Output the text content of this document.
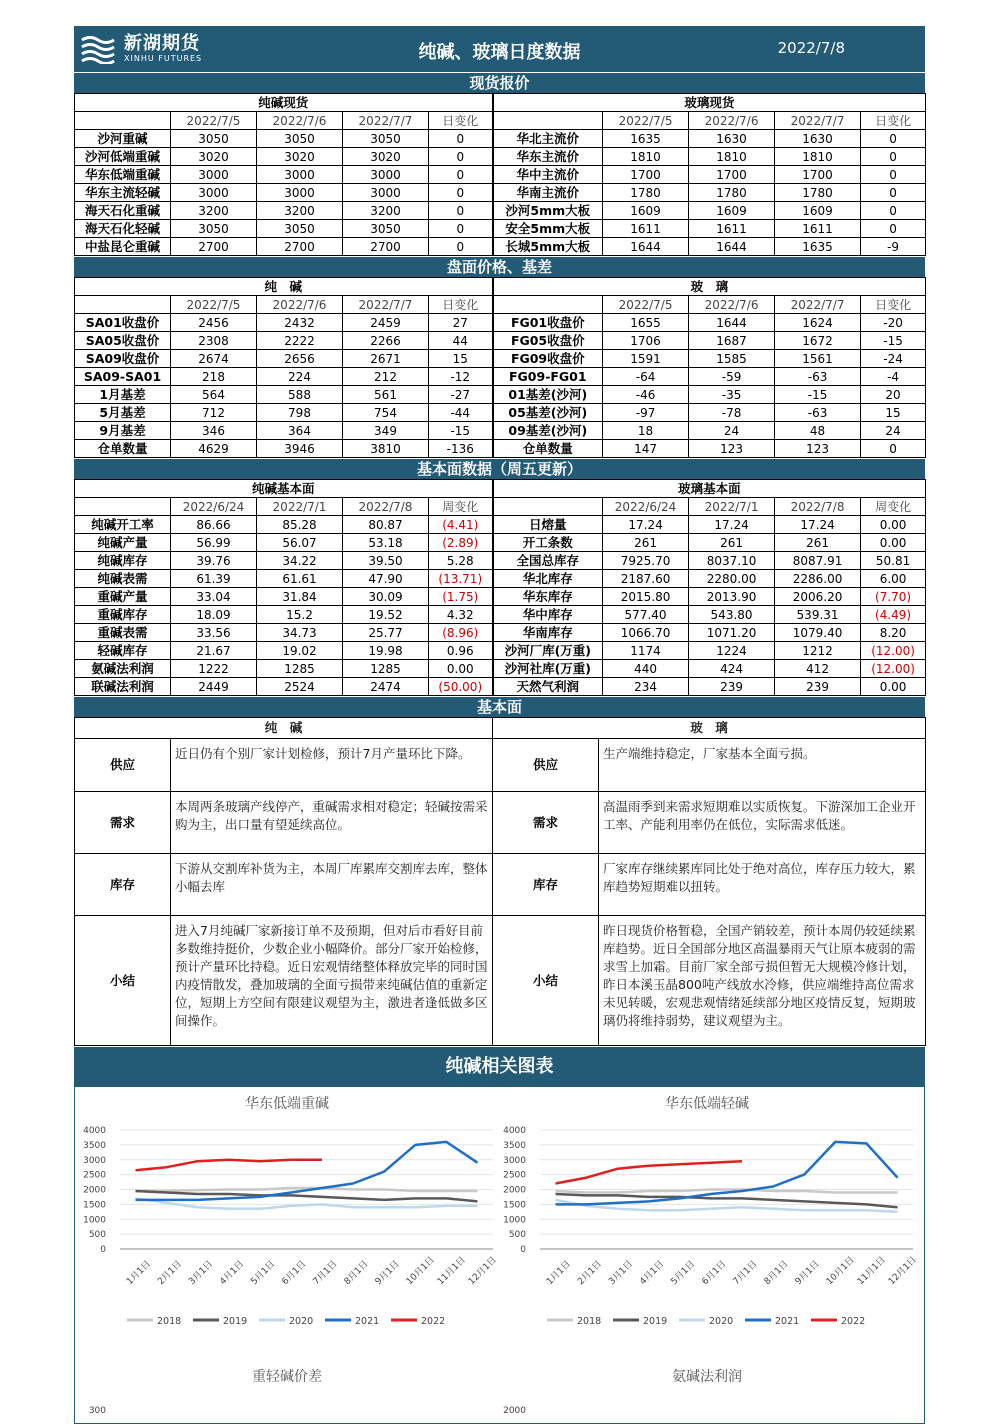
新湖期货
XINHU FUTURES	纯碱、玻璃日度数据	2022/7/8
现货报价
纯碱现货					玻璃现货				
	2022/7/5	2022/7/6	2022/7/7	日变化		2022/7/5	2022/7/6	2022/7/7	日变化
沙河重碱	3050	3050	3050	0	华北主流价	1635	1630	1630	0
沙河低端重碱	3020	3020	3020	0	华东主流价	1810	1810	1810	0
华东低端重碱	3000	3000	3000	0	华中主流价	1700	1700	1700	0
华东主流轻碱	3000	3000	3000	0	华南主流价	1780	1780	1780	0
海天石化重碱	3200	3200	3200	0	沙河5mm大板	1609	1609	1609	0
海天石化轻碱	3050	3050	3050	0	安全5mm大板	1611	1611	1611	0
中盐昆仑重碱	2700	2700	2700	0	长城5mm大板	1644	1644	1635	-9
盘面价格、基差
纯　碱					玻　璃				
	2022/7/5	2022/7/6	2022/7/7	日变化		2022/7/5	2022/7/6	2022/7/7	日变化
SA01收盘价	2456	2432	2459	27	FG01收盘价	1655	1644	1624	-20
SA05收盘价	2308	2222	2266	44	FG05收盘价	1706	1687	1672	-15
SA09收盘价	2674	2656	2671	15	FG09收盘价	1591	1585	1561	-24
SA09-SA01	218	224	212	-12	FG09-FG01	-64	-59	-63	-4
1月基差	564	588	561	-27	01基差(沙河)	-46	-35	-15	20
5月基差	712	798	754	-44	05基差(沙河)	-97	-78	-63	15
9月基差	346	364	349	-15	09基差(沙河)	18	24	48	24
仓单数量	4629	3946	3810	-136	仓单数量	147	123	123	0
基本面数据（周五更新）
纯碱基本面					玻璃基本面				
	2022/6/24	2022/7/1	2022/7/8	周变化		2022/6/24	2022/7/1	2022/7/8	周变化
纯碱开工率	86.66	85.28	80.87	(4.41)	日熔量	17.24	17.24	17.24	0.00
纯碱产量	56.99	56.07	53.18	(2.89)	开工条数	261	261	261	0.00
纯碱库存	39.76	34.22	39.50	5.28	全国总库存	7925.70	8037.10	8087.91	50.81
纯碱表需	61.39	61.61	47.90	(13.71)	华北库存	2187.60	2280.00	2286.00	6.00
重碱产量	33.04	31.84	30.09	(1.75)	华东库存	2015.80	2013.90	2006.20	(7.70)
重碱库存	18.09	15.2	19.52	4.32	华中库存	577.40	543.80	539.31	(4.49)
重碱表需	33.56	34.73	25.77	(8.96)	华南库存	1066.70	1071.20	1079.40	8.20
轻碱库存	21.67	19.02	19.98	0.96	沙河厂库(万重)	1174	1224	1212	(12.00)
氨碱法利润	1222	1285	1285	0.00	沙河社库(万重)	440	424	412	(12.00)
联碱法利润	2449	2524	2474	(50.00)	天然气利润	234	239	239	0.00
基本面
纯　碱		玻　璃	
供应	近日仍有个别厂家计划检修，预计7月产量环比下降。	供应	生产端维持稳定，厂家基本全面亏损。
需求	本周两条玻璃产线停产，重碱需求相对稳定；轻碱按需采购为主，出口量有望延续高位。	需求	高温雨季到来需求短期难以实质恢复。下游深加工企业开工率、产能利用率仍在低位，实际需求低迷。
库存	下游从交割库补货为主，本周厂库累库交割库去库，整体小幅去库	库存	厂家库存继续累库同比处于绝对高位，库存压力较大，累库趋势短期难以扭转。
小结	进入7月纯碱厂家新接订单不及预期，但对后市看好目前多数维持挺价，少数企业小幅降价。部分厂家开始检修，预计产量环比持稳。近日宏观情绪整体释放完毕的同时国内疫情散发，叠加玻璃的全面亏损带来纯碱估值的重新定位，短期上方空间有限建议观望为主，激进者逢低做多区间操作。	小结	昨日现货价格暂稳，全国产销较差，预计本周仍较延续累库趋势。近日全国部分地区高温暴雨天气让原本疲弱的需求雪上加霜。目前厂家全部亏损但暂无大规模冷修计划，昨日本溪玉晶800吨产线放水冷修，供应端维持高位需求未见转暖，宏观悲观情绪延续部分地区疫情反复，短期玻璃仍将维持弱势，建议观望为主。
纯碱相关图表
华东低端重碱
4000
3500
3000
2500
2000
1500
1000
500
0
1月1日 2月1日 3月1日 4月1日 5月1日 6月1日 7月1日 8月1日 9月1日 10月1日 11月1日 12月1日
2018	2019	2020	2021	2022
华东低端轻碱
4000
3500
3000
2500
2000
1500
1000
500
0
1月1日 2月1日 3月1日 4月1日 5月1日 6月1日 7月1日 8月1日 9月1日 10月1日 11月1日 12月1日
2018	2019	2020	2021	2022
重轻碱价差
300
氨碱法利润
2000
